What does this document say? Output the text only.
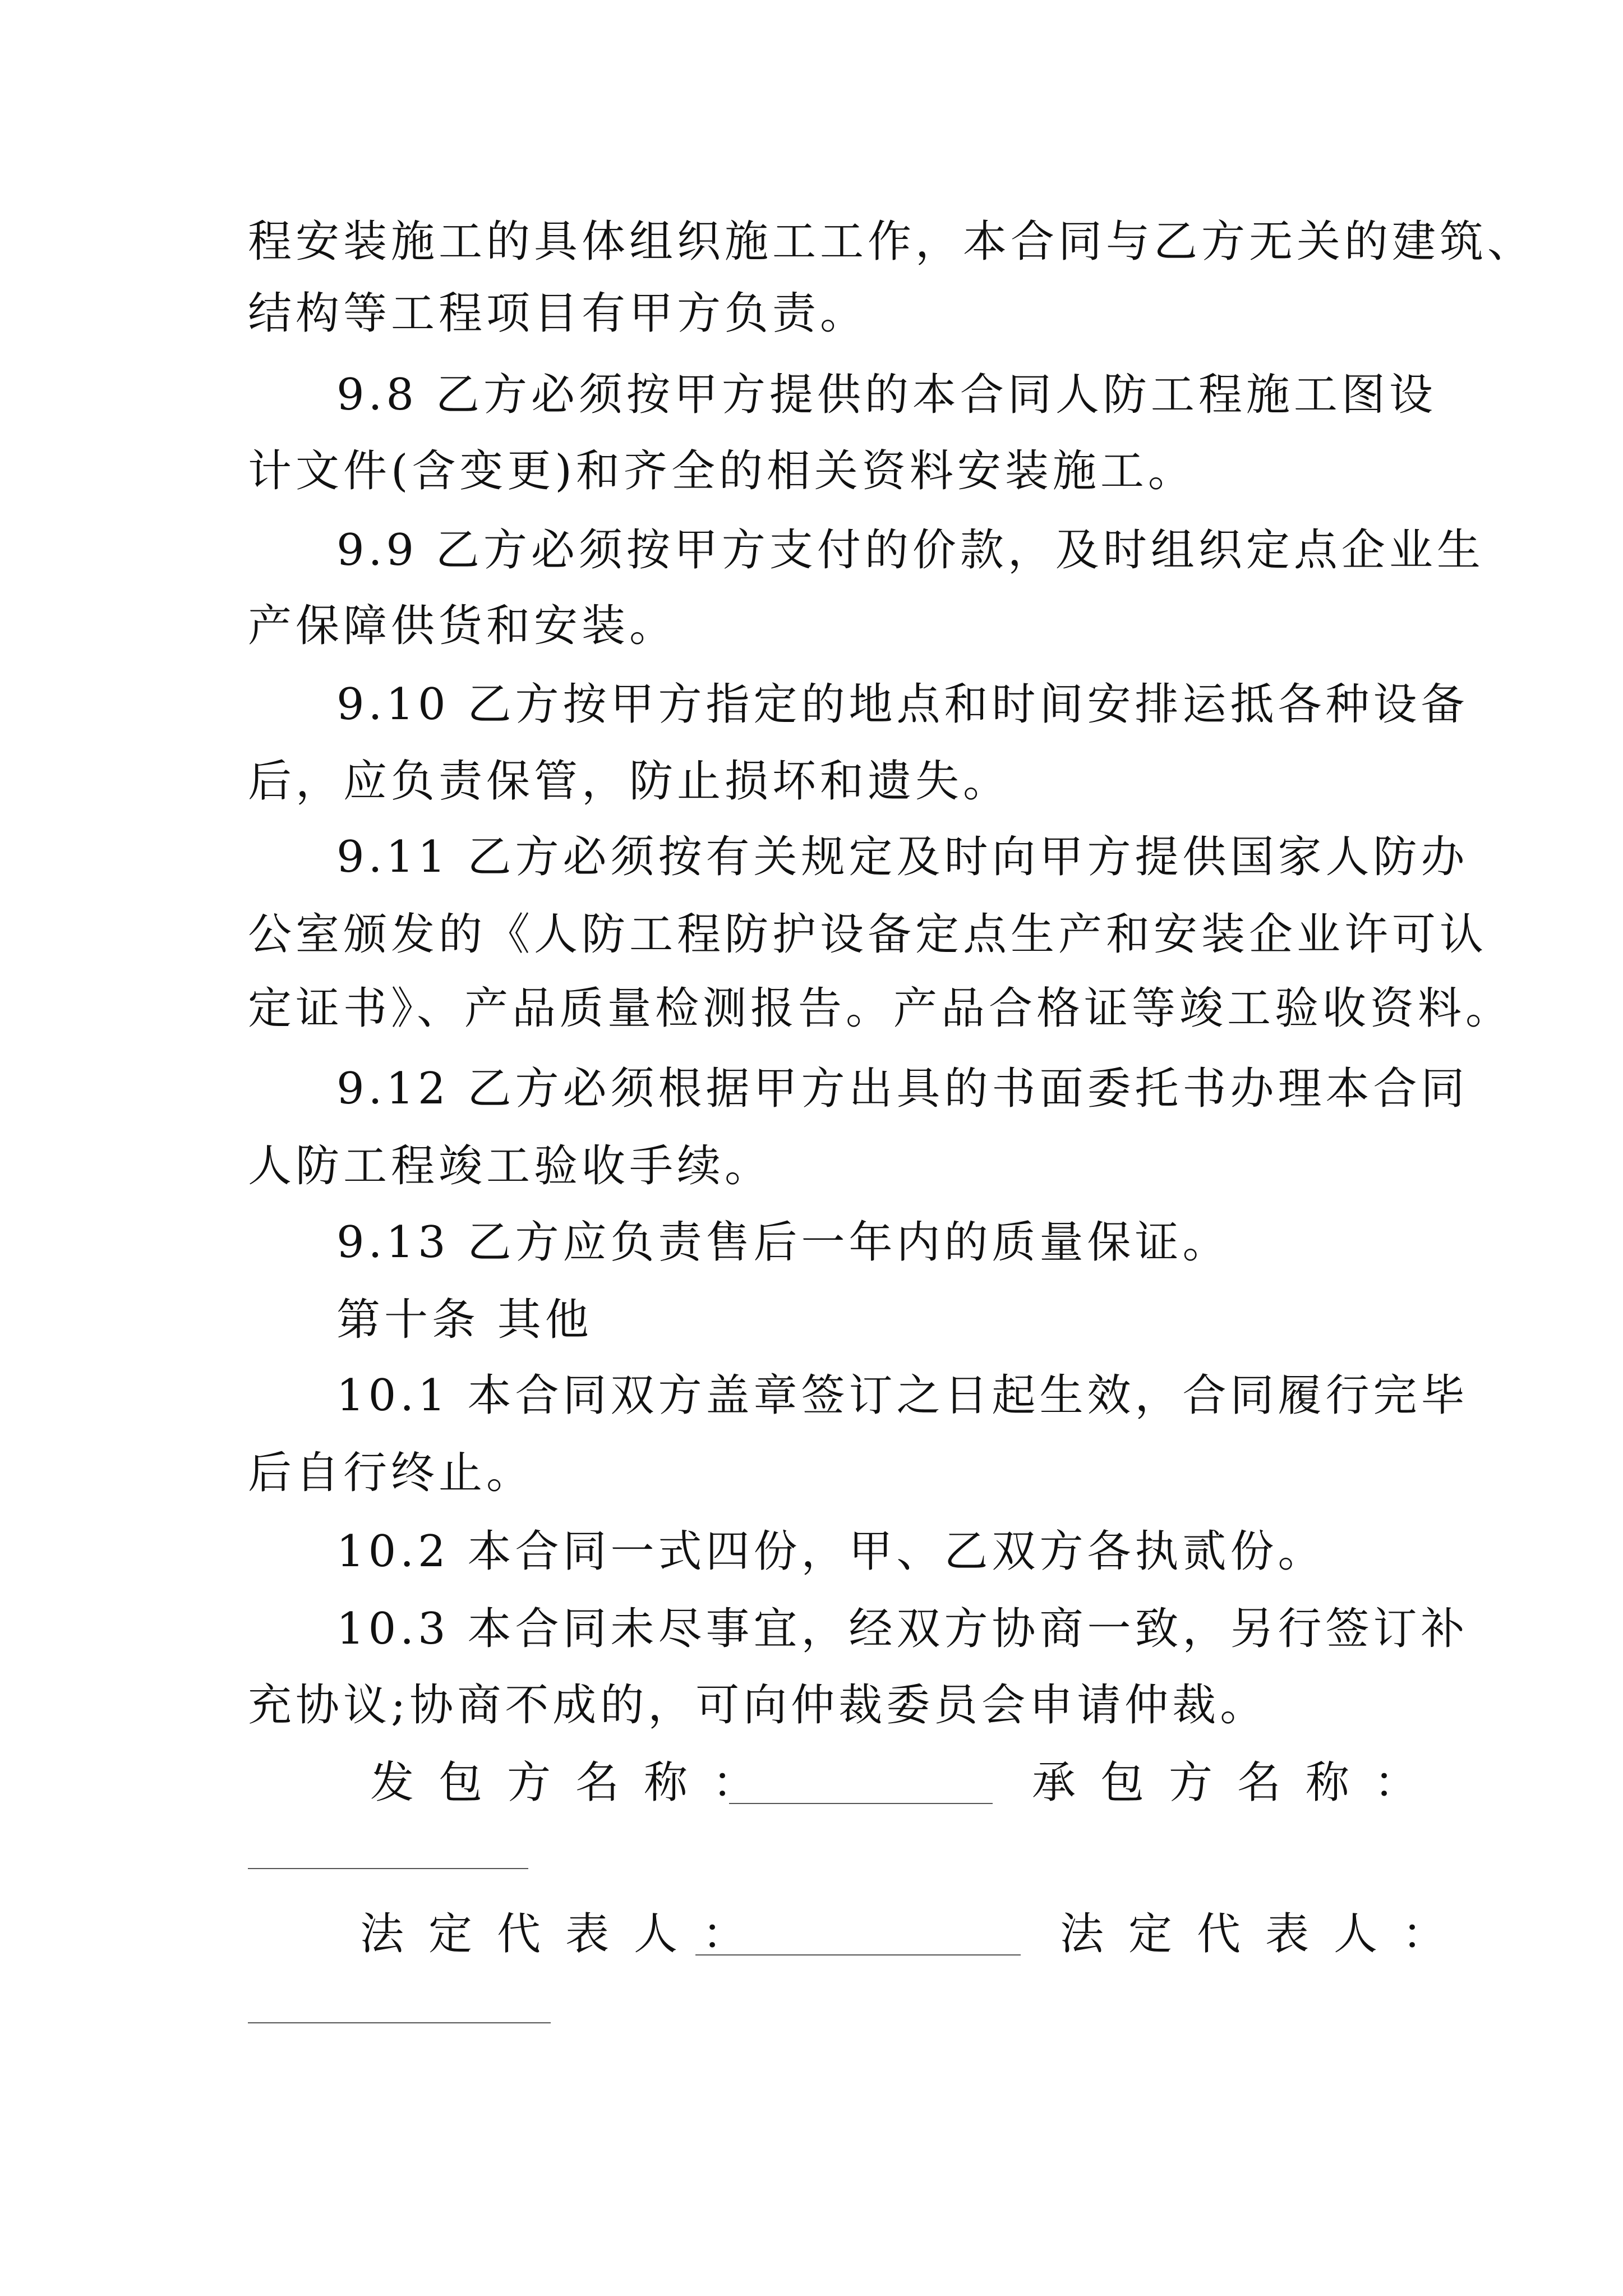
程安装施工的具体组织施工工作，本合同与乙方无关的建筑、
结构等工程项目有甲方负责。
9.8 乙方必须按甲方提供的本合同人防工程施工图设
计文件(含变更)和齐全的相关资料安装施工。
9.9 乙方必须按甲方支付的价款，及时组织定点企业生
产保障供货和安装。
9.10 乙方按甲方指定的地点和时间安排运抵各种设备
后，应负责保管，防止损坏和遗失。
9.11 乙方必须按有关规定及时向甲方提供国家人防办
公室颁发的《人防工程防护设备定点生产和安装企业许可认
定证书》、产品质量检测报告。产品合格证等竣工验收资料。
9.12 乙方必须根据甲方出具的书面委托书办理本合同
人防工程竣工验收手续。
9.13 乙方应负责售后一年内的质量保证。
第十条 其他
10.1 本合同双方盖章签订之日起生效，合同履行完毕
后自行终止。
10.2 本合同一式四份，甲、乙双方各执贰份。
10.3 本合同未尽事宜，经双方协商一致，另行签订补
充协议;协商不成的，可向仲裁委员会申请仲裁。
发包方名称：	承包方名称：
法定代表人：	法定代表人：
